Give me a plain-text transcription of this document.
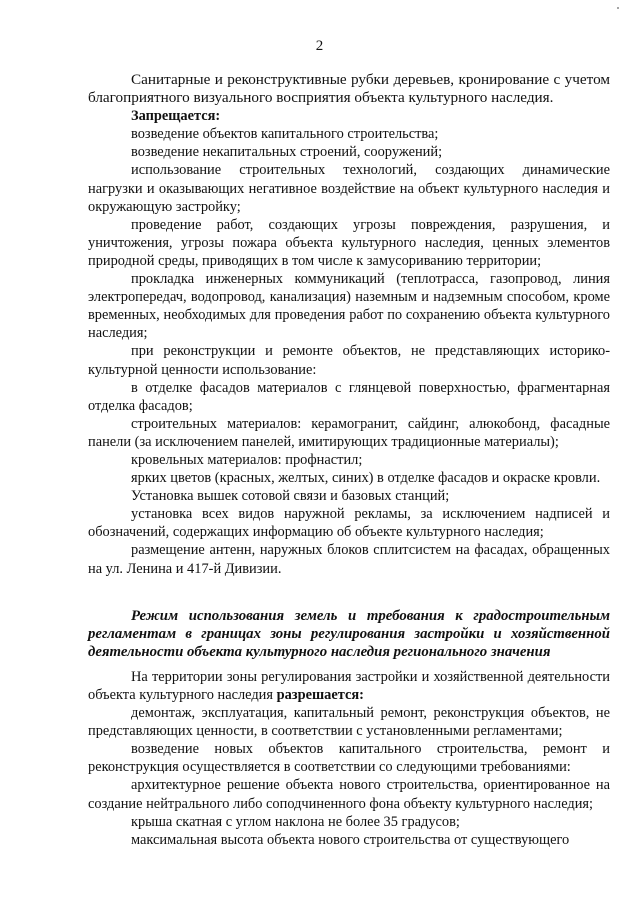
2

Санитарные и реконструктивные рубки деревьев, кронирование с учетом благоприятного визуального восприятия объекта культурного наследия.

Запрещается:

возведение объектов капитального строительства;

возведение некапитальных строений, сооружений;

использование строительных технологий, создающих динамические нагрузки и оказывающих негативное воздействие на объект культурного наследия и окружающую застройку;

проведение работ, создающих угрозы повреждения, разрушения, и уничтожения, угрозы пожара объекта культурного наследия, ценных элементов природной среды, приводящих в том числе к замусориванию территории;

прокладка инженерных коммуникаций (теплотрасса, газопровод, линия электропередач, водопровод, канализация) наземным и надземным способом, кроме временных, необходимых для проведения работ по сохранению объекта культурного наследия;

при реконструкции и ремонте объектов, не представляющих историко-культурной ценности использование:

в отделке фасадов материалов с глянцевой поверхностью, фрагментарная отделка фасадов;

строительных материалов: керамогранит, сайдинг, алюкобонд, фасадные панели (за исключением панелей, имитирующих традиционные материалы);

кровельных материалов: профнастил;

ярких цветов (красных, желтых, синих) в отделке фасадов и окраске кровли.

Установка вышек сотовой связи и базовых станций;

установка всех видов наружной рекламы, за исключением надписей и обозначений, содержащих информацию об объекте культурного наследия;

размещение антенн, наружных блоков сплитсистем на фасадах, обращенных на ул. Ленина и 417-й Дивизии.

Режим использования земель и требования к градостроительным регламентам в границах зоны регулирования застройки и хозяйственной деятельности объекта культурного наследия регионального значения

На территории зоны регулирования застройки и хозяйственной деятельности объекта культурного наследия разрешается:

демонтаж, эксплуатация, капитальный ремонт, реконструкция объектов, не представляющих ценности, в соответствии с установленными регламентами;

возведение новых объектов капитального строительства, ремонт и реконструкция осуществляется в соответствии со следующими требованиями:

архитектурное решение объекта нового строительства, ориентированное на создание нейтрального либо соподчиненного фона объекту культурного наследия;

крыша скатная с углом наклона не более 35 градусов;

максимальная высота объекта нового строительства от существующего
